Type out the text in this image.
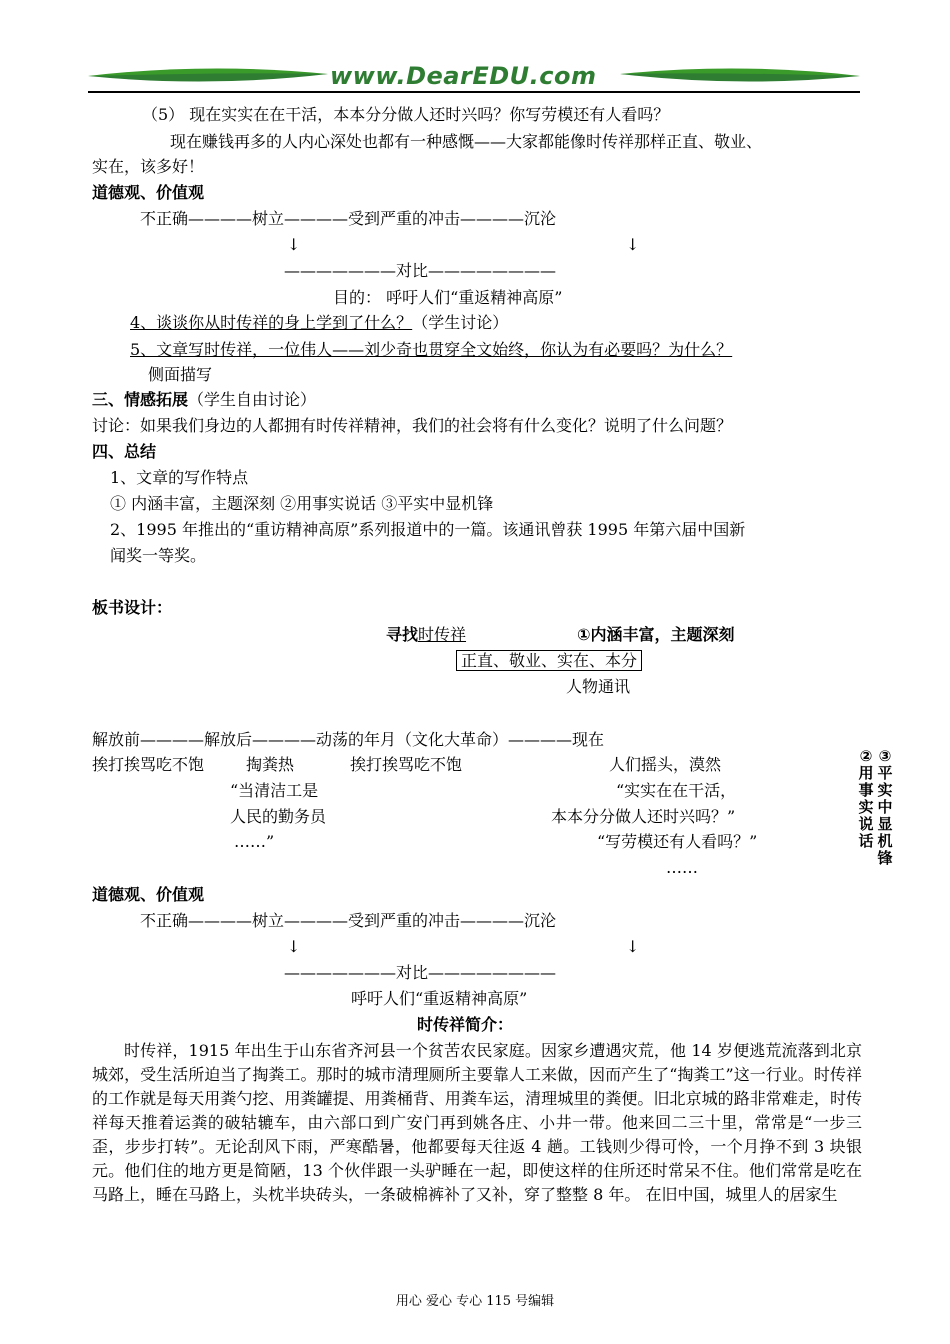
www.DearEDU.com
（5） 现在实实在在干活，本本分分做人还时兴吗？你写劳模还有人看吗？
现在赚钱再多的人内心深处也都有一种感慨——大家都能像时传祥那样正直、敬业、
实在，该多好！
道德观、价值观
不正确————树立————受到严重的冲击————沉沦
↓	↓
———————对比————————
目的： 呼吁人们“重返精神高原”
4、谈谈你从时传祥的身上学到了什么？（学生讨论）
5、文章写时传祥，一位伟人——刘少奇也贯穿全文始终，你认为有必要吗？为什么？
侧面描写
三、情感拓展（学生自由讨论）
讨论：如果我们身边的人都拥有时传祥精神，我们的社会将有什么变化？说明了什么问题？
四、总结
1、文章的写作特点
① 内涵丰富，主题深刻 ②用事实说话 ③平实中显机锋
2、1995 年推出的“重访精神高原”系列报道中的一篇。该通讯曾获 1995 年第六届中国新
闻奖一等奖。
板书设计：
寻找时传祥	①内涵丰富，主题深刻
正直、敬业、实在、本分
人物通讯
解放前————解放后————动荡的年月（文化大革命）————现在
挨打挨骂吃不饱	掏粪热	挨打挨骂吃不饱	人们摇头，漠然
“当清洁工是
人民的勤务员
……”
“实实在在干活，
本本分分做人还时兴吗？”
“写劳模还有人看吗？”
……
②用事实说话
③平实中显机锋
道德观、价值观
不正确————树立————受到严重的冲击————沉沦
↓	↓
———————对比————————
呼吁人们“重返精神高原”
时传祥简介：
时传祥，1915 年出生于山东省齐河县一个贫苦农民家庭。因家乡遭遇灾荒，他 14 岁便逃荒流落到北京城郊，受生活所迫当了掏粪工。那时的城市清理厕所主要靠人工来做，因而产生了“掏粪工”这一行业。时传祥的工作就是每天用粪勺挖、用粪罐提、用粪桶背、用粪车运，清理城里的粪便。旧北京城的路非常难走，时传祥每天推着运粪的破轱辘车，由六部口到广安门再到姚各庄、小井一带。他来回二三十里，常常是“一步三歪，步步打转”。无论刮风下雨，严寒酷暑，他都要每天往返 4 趟。工钱则少得可怜，一个月挣不到 3 块银元。他们住的地方更是简陋，13 个伙伴跟一头驴睡在一起，即使这样的住所还时常呆不住。他们常常是吃在马路上，睡在马路上，头枕半块砖头，一条破棉裤补了又补，穿了整整 8 年。 在旧中国，城里人的居家生
用心 爱心 专心 115 号编辑
